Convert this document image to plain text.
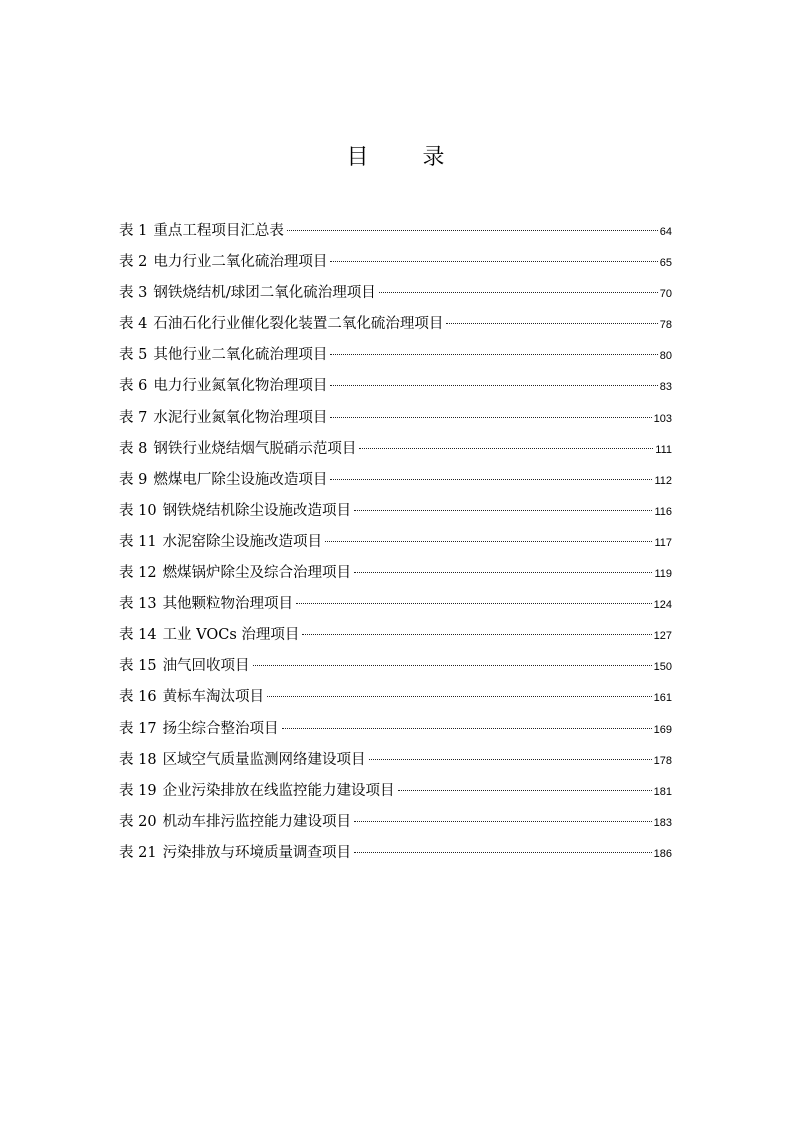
目 录
表 1 重点工程项目汇总表	64
表 2 电力行业二氧化硫治理项目	65
表 3 钢铁烧结机/球团二氧化硫治理项目	70
表 4 石油石化行业催化裂化装置二氧化硫治理项目	78
表 5 其他行业二氧化硫治理项目	80
表 6 电力行业氮氧化物治理项目	83
表 7 水泥行业氮氧化物治理项目	103
表 8 钢铁行业烧结烟气脱硝示范项目	111
表 9 燃煤电厂除尘设施改造项目	112
表 10 钢铁烧结机除尘设施改造项目	116
表 11 水泥窑除尘设施改造项目	117
表 12 燃煤锅炉除尘及综合治理项目	119
表 13 其他颗粒物治理项目	124
表 14 工业 VOCs 治理项目	127
表 15 油气回收项目	150
表 16 黄标车淘汰项目	161
表 17 扬尘综合整治项目	169
表 18 区域空气质量监测网络建设项目	178
表 19 企业污染排放在线监控能力建设项目	181
表 20 机动车排污监控能力建设项目	183
表 21 污染排放与环境质量调查项目	186
